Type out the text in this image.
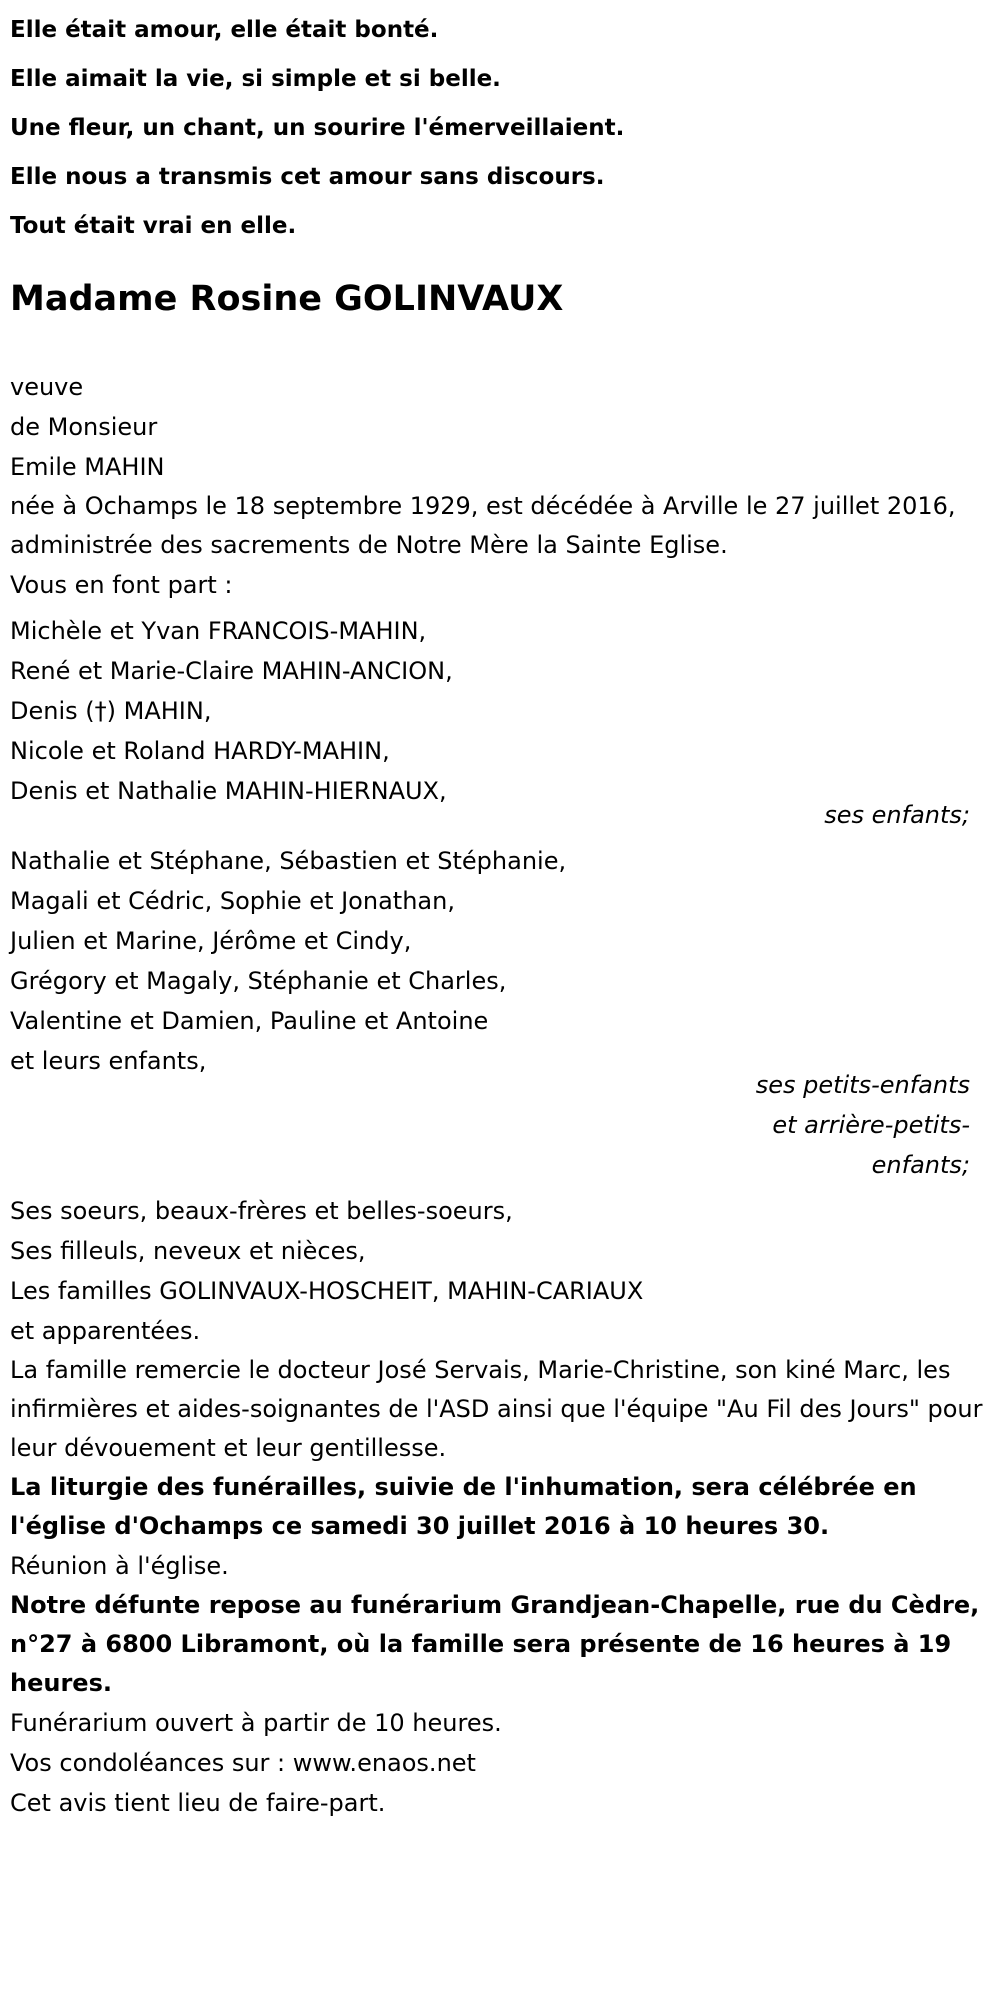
Elle était amour, elle était bonté.

Elle aimait la vie, si simple et si belle.

Une fleur, un chant, un sourire l'émerveillaient.

Elle nous a transmis cet amour sans discours.

Tout était vrai en elle.

Madame Rosine GOLINVAUX
veuve
de Monsieur
Emile MAHIN

née à Ochamps le 18 septembre 1929, est décédée à Arville le 27 juillet 2016, administrée des sacrements de Notre Mère la Sainte Eglise.

Vous en font part :

Michèle et Yvan FRANCOIS-MAHIN,
René et Marie-Claire MAHIN-ANCION,
Denis (†) MAHIN,
Nicole et Roland HARDY-MAHIN,
Denis et Nathalie MAHIN-HIERNAUX,

ses enfants;

Nathalie et Stéphane, Sébastien et Stéphanie,
Magali et Cédric, Sophie et Jonathan,
Julien et Marine, Jérôme et Cindy,
Grégory et Magaly, Stéphanie et Charles,
Valentine et Damien, Pauline et Antoine
et leurs enfants,
ses petits-enfants
et arrière-petits-
enfants;
Ses soeurs, beaux-frères et belles-soeurs,
Ses filleuls, neveux et nièces,
Les familles GOLINVAUX-HOSCHEIT, MAHIN-CARIAUX
et apparentées.

La famille remercie le docteur José Servais, Marie-Christine, son kiné Marc, les infirmières et aides-soignantes de l'ASD ainsi que l'équipe "Au Fil des Jours" pour leur dévouement et leur gentillesse.

La liturgie des funérailles, suivie de l'inhumation, sera célébrée en l'église d'Ochamps ce samedi 30 juillet 2016 à 10 heures 30.

Réunion à l'église.

Notre défunte repose au funérarium Grandjean-Chapelle, rue du Cèdre, n°27 à 6800 Libramont, où la famille sera présente de 16 heures à 19 heures.

Funérarium ouvert à partir de 10 heures.

Vos condoléances sur : www.enaos.net

Cet avis tient lieu de faire-part.
